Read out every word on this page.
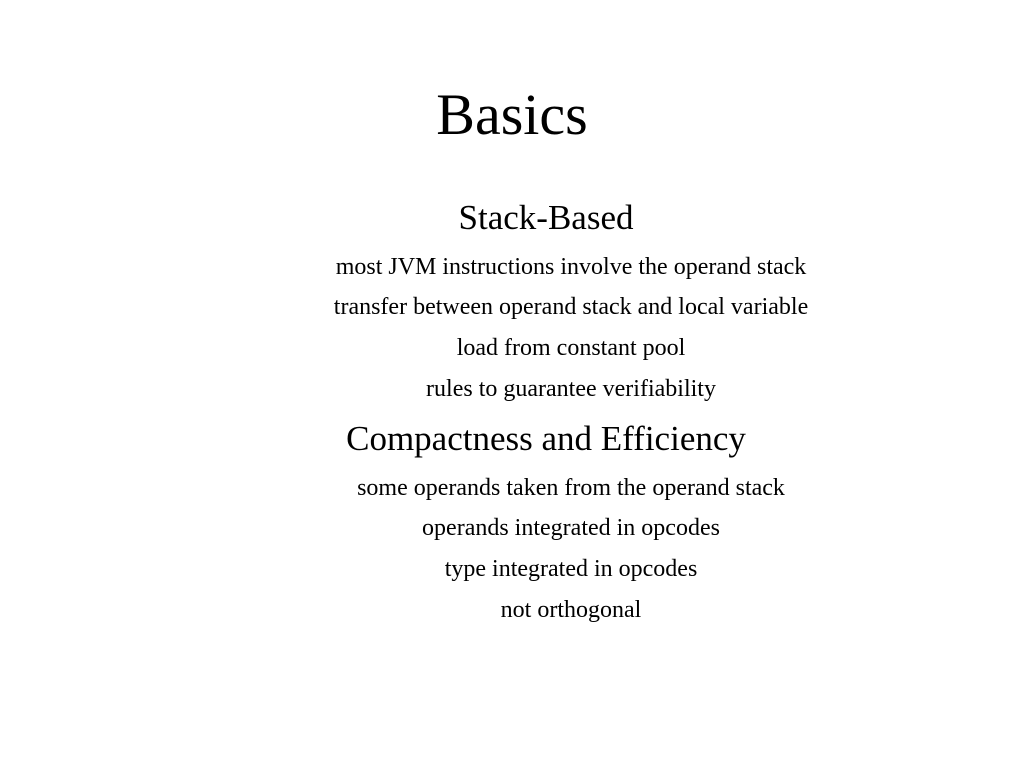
Basics
Stack-Based
most JVM instructions involve the operand stack
transfer between operand stack and local variable
load from constant pool
rules to guarantee verifiability
Compactness and Efficiency
some operands taken from the operand stack
operands integrated in opcodes
type integrated in opcodes
not orthogonal
